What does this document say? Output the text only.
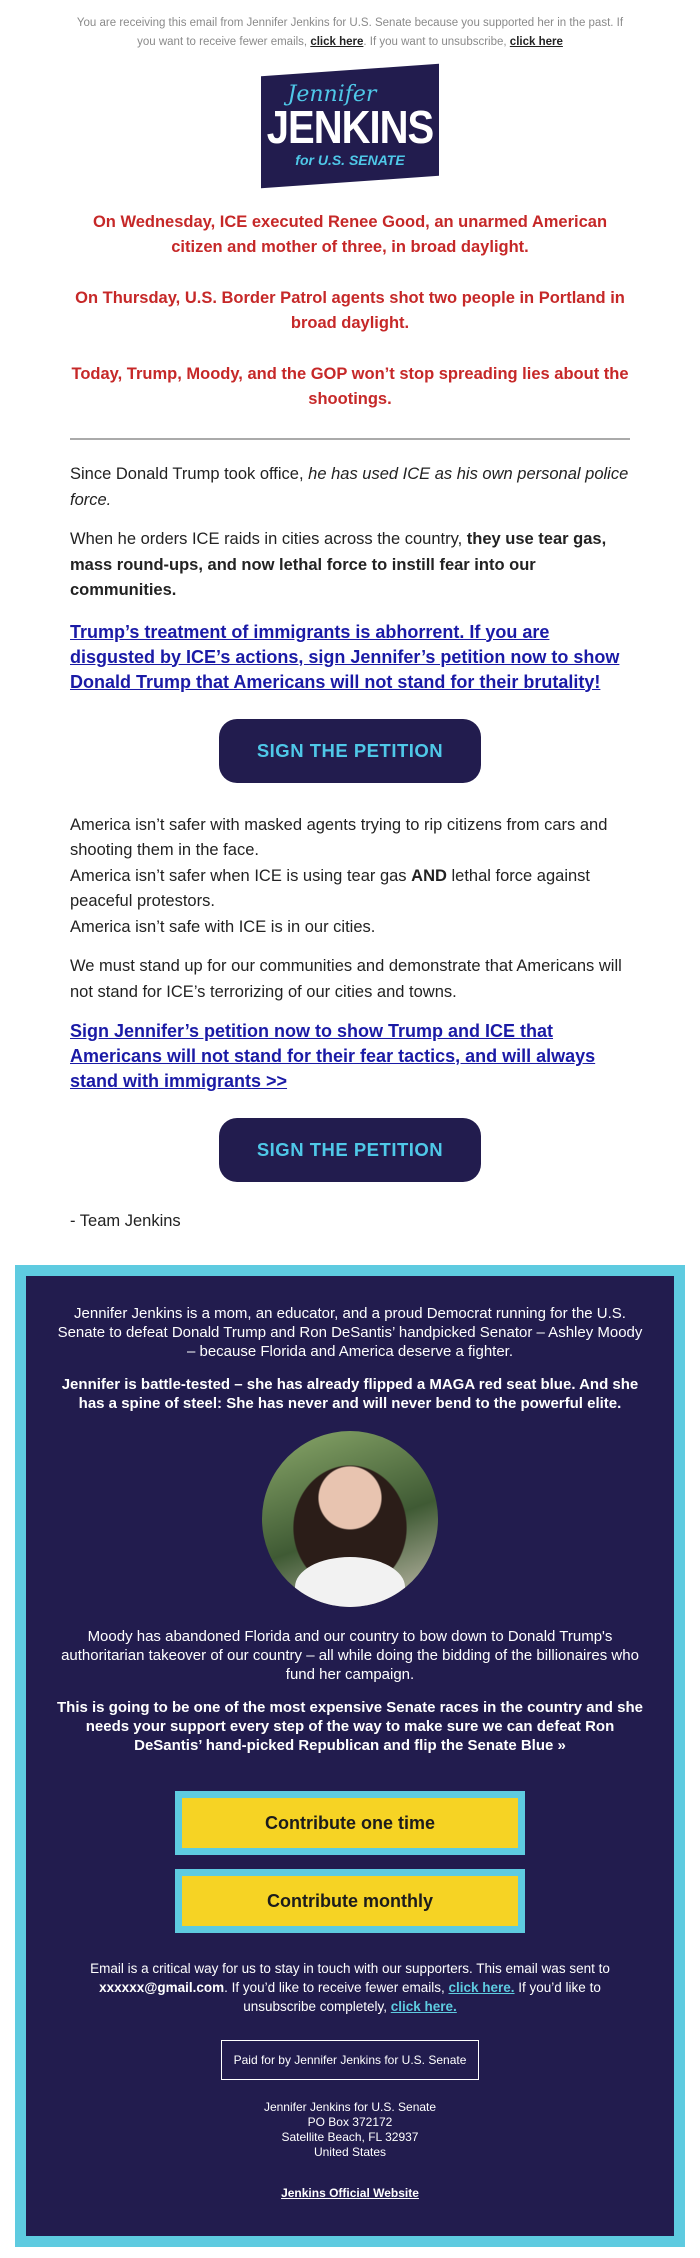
You are receiving this email from Jennifer Jenkins for U.S. Senate because you supported her in the past. If you want to receive fewer emails, click here. If you want to unsubscribe, click here
Jennifer
JENKINS
for U.S. SENATE

On Wednesday, ICE executed Renee Good, an unarmed American citizen and mother of three, in broad daylight.

On Thursday, U.S. Border Patrol agents shot two people in Portland in broad daylight.

Today, Trump, Moody, and the GOP won’t stop spreading lies about the shootings.

Since Donald Trump took office, he has used ICE as his own personal police force.

When he orders ICE raids in cities across the country, they use tear gas, mass round-ups, and now lethal force to instill fear into our communities.

Trump’s treatment of immigrants is abhorrent. If you are disgusted by ICE’s actions, sign Jennifer’s petition now to show Donald Trump that Americans will not stand for their brutality!
SIGN THE PETITION

America isn’t safer with masked agents trying to rip citizens from cars and shooting them in the face.
America isn’t safer when ICE is using tear gas AND lethal force against peaceful protestors.
America isn’t safe with ICE is in our cities.

We must stand up for our communities and demonstrate that Americans will not stand for ICE’s terrorizing of our cities and towns.

Sign Jennifer’s petition now to show Trump and ICE that Americans will not stand for their fear tactics, and will always stand with immigrants >>
SIGN THE PETITION
- Team Jenkins

Jennifer Jenkins is a mom, an educator, and a proud Democrat running for the U.S. Senate to defeat Donald Trump and Ron DeSantis’ handpicked Senator – Ashley Moody – because Florida and America deserve a fighter.

Jennifer is battle-tested – she has already flipped a MAGA red seat blue. And she has a spine of steel: She has never and will never bend to the powerful elite.

Moody has abandoned Florida and our country to bow down to Donald Trump's authoritarian takeover of our country – all while doing the bidding of the billionaires who fund her campaign.

This is going to be one of the most expensive Senate races in the country and she needs your support every step of the way to make sure we can defeat Ron DeSantis’ hand-picked Republican and flip the Senate Blue »

Contribute one time
Contribute monthly

Email is a critical way for us to stay in touch with our supporters. This email was sent to xxxxxx@gmail.com. If you’d like to receive fewer emails, click here. If you’d like to unsubscribe completely, click here.

Paid for by Jennifer Jenkins for U.S. Senate
Jennifer Jenkins for U.S. Senate
PO Box 372172
Satellite Beach, FL 32937
United States
Jenkins Official Website
